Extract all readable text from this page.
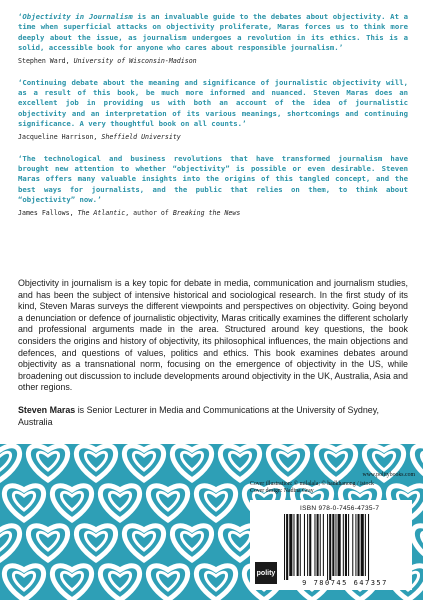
‘Objectivity in Journalism is an invaluable guide to the debates about objectivity. At a time when superficial attacks on objectivity proliferate, Maras forces us to think more deeply about the issue, as journalism undergoes a revolution in its ethics. This is a solid, accessible book for anyone who cares about responsible journalism.’
Stephen Ward, University of Wisconsin-Madison
‘Continuing debate about the meaning and significance of journalistic objectivity will, as a result of this book, be much more informed and nuanced. Steven Maras does an excellent job in providing us with both an account of the idea of journalistic objectivity and an interpretation of its various meanings, shortcomings and continuing significance. A very thoughtful book on all counts.’
Jacqueline Harrison, Sheffield University
‘The technological and business revolutions that have transformed journalism have brought new attention to whether “objectivity” is possible or even desirable. Steven Maras offers many valuable insights into the origins of this tangled concept, and the best ways for journalists, and the public that relies on them, to think about “objectivity” now.’
James Fallows, The Atlantic, author of Breaking the News
Objectivity in journalism is a key topic for debate in media, communication and journalism studies, and has been the subject of intensive historical and sociological research. In the first study of its kind, Steven Maras surveys the different viewpoints and perspectives on objectivity. Going beyond a denunciation or defence of journalistic objectivity, Maras critically examines the different scholarly and professional arguments made in the area. Structured around key questions, the book considers the origins and history of objectivity, its philosophical influences, the main objections and defences, and questions of values, politics and ethics. This book examines debates around objectivity as a transnational norm, focusing on the emergence of objectivity in the US, while broadening out discussion to include developments around objectivity in the UK, Australia, Asia and other regions.
Steven Maras is Senior Lecturer in Media and Communications at the University of Sydney, Australia
www.politybooks.com
Cover illustration: © milalala; © hadkhanong / istock
Cover design: Nadina Gray
ISBN 978-0-7456-4735-7
9 780745 647357
polity
